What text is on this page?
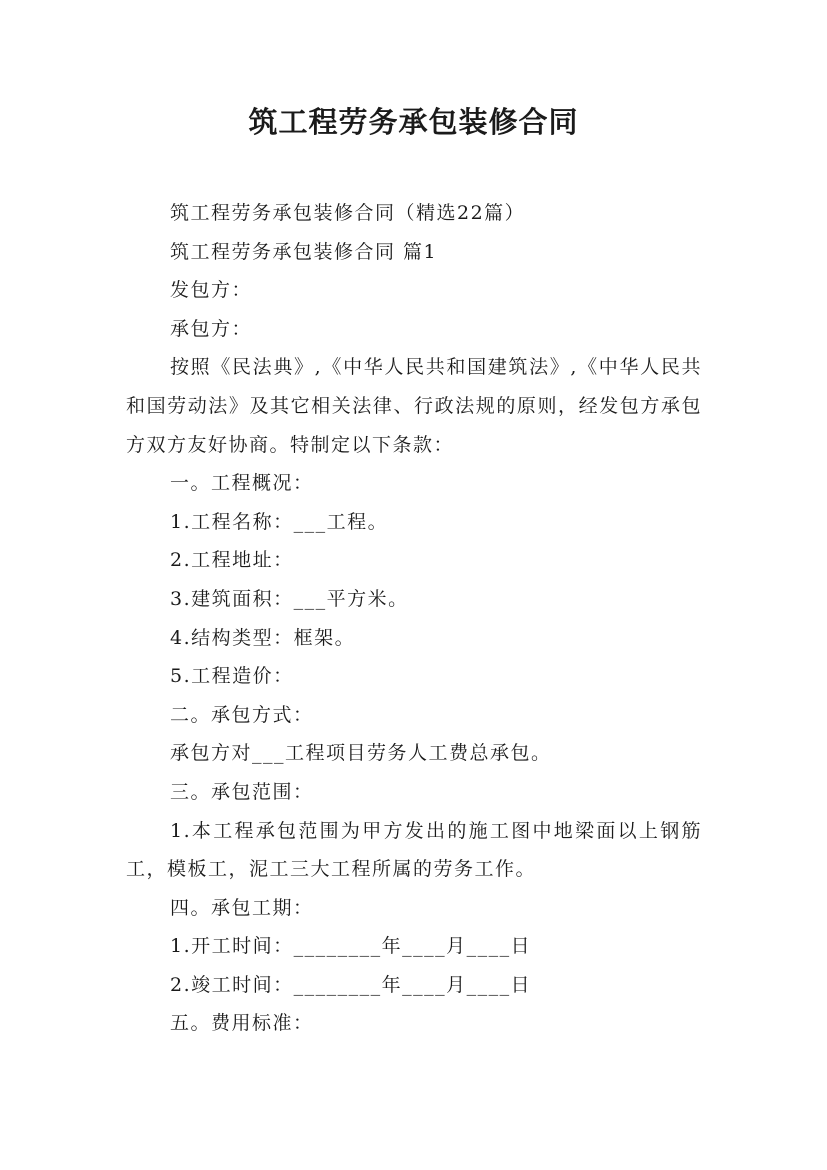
筑工程劳务承包装修合同

筑工程劳务承包装修合同（精选22篇）

筑工程劳务承包装修合同 篇1

发包方：

承包方：

按照《民法典》,《中华人民共和国建筑法》,《中华人民共和国劳动法》及其它相关法律、行政法规的原则，经发包方承包方双方友好协商。特制定以下条款：

一。工程概况：

1.工程名称：___工程。

2.工程地址：

3.建筑面积：___平方米。

4.结构类型：框架。

5.工程造价：

二。承包方式：

承包方对___工程项目劳务人工费总承包。

三。承包范围：

1.本工程承包范围为甲方发出的施工图中地梁面以上钢筋工，模板工，泥工三大工程所属的劳务工作。

四。承包工期：

1.开工时间：________年____月____日

2.竣工时间：________年____月____日

五。费用标准：
